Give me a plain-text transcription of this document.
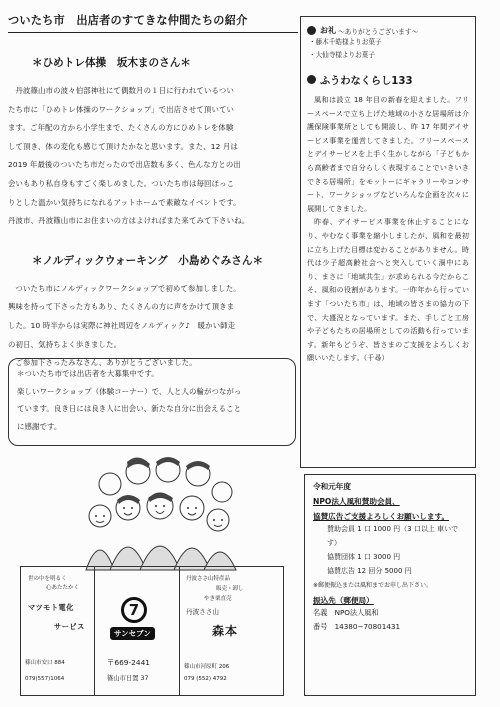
ついたち市　出店者のすてきな仲間たちの紹介
＊ひめトレ体操　坂木まのさん＊
丹波篠山市の波々伯部神社にて偶数月の１日に行われているつい
たち市に「ひめトレ体操のワークショップ」で出店させて頂いてい
ます。ご年配の方から小学生まで、たくさんの方にひめトレを体験
して頂き、体の変化も感じて頂けたかなと思います。また、12 月は
2019 年最後のついたち市だったので出店数も多く、色んな方との出
会いもあり私自身もすごく楽しめました。ついたち市は毎回ほっこ
りとした温かい気持ちになれるアットホームで素敵なイベントです。
丹波市、丹波篠山市にお住まいの方はよければまた来てみて下さいね。
＊ノルディックウォーキング　小島めぐみさん＊
ついたち市にノルディックワークショップで初めて参加しました。
興味を持って下さった方もあり、たくさんの方に声をかけて頂きま
した。10 時半からは実際に神社周辺をノルディック♪　暖かい師走
の初日、気持ちよく歩きました。
ご参加下さったみなさん、ありがとうございました。
＊ついたち市では出店者を大募集中です。
楽しいワークショップ（体験コーナー）で、人と人の輪がつながっ
ています。良き日には良き人に出会い、新たな自分に出会えること
に感謝です。
世の中を明るく
心あたたかく
マツモト電化
サービス
篠山市安口 884
079(557)1064
7
サンセブン
〒669-2441
篠山市日置 37
丹波ささ山特産品
販売・卸し
やき栗直売
丹波ささ山
森本
篠山市河原町 206
079 (552) 4792
お礼 ～ありがとうございます～
・藤木千皓様よりお菓子
・大仙寺様よりお菓子
ふうわなくらし133
風和は設立 18 年目の新春を迎えました。フリースペースで立ち上げた地域の小さな居場所は介護保険事業所としても開設し、昨 17 年間デイサービス事業を運営してきました。フリースペースとデイサービスを上手く生かしながら「子どもから高齢者まで自分らしく表現することでいきいきできる居場所」をモットーにギャラリーやコンサート、ワークショップなどいろんな企画を次々に展開してきました。
昨春、デイサービス事業を休止することになり、やむなく事業を縮小しましたが、風和を最初に立ち上げた目標は変わることがありません。時代は少子超高齢社会へと突入していく渦中にあり、まさに「地域共生」が求められる今だからこそ、風和の役割があります。一昨年から行っています「ついたち市」は、地域の皆さまの協力の下で、大盛況となっています。また、手しごと工房や子どもたちの居場所としての活動も行っています。新年もどうぞ、皆さまのご支援をよろしくお願いいたします。（千尋）
令和元年度
NPO法人風和賛助会員、
協賛広告ご支援よろしくお願いします。
賛助会員 1 口 1000 円（3 口以上 車いです）
協賛団体 1 口 3000 円
協賛広告 12 回分 5000 円
※郵便振込または風和までお申し出下さい。
振込先（郵便局）
名義　NPO法人風和
番号　14380−70801431
